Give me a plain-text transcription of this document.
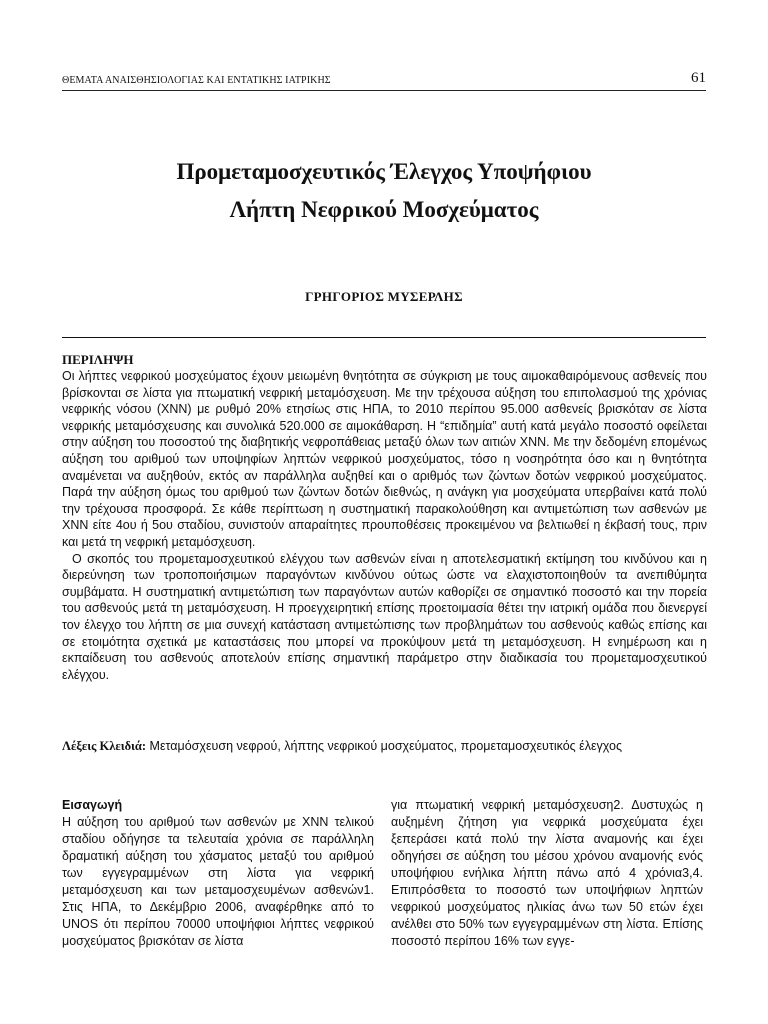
ΘΕΜΑΤΑ ΑΝΑΙΣΘΗΣΙΟΛΟΓΙΑΣ ΚΑΙ ΕΝΤΑΤΙΚΗΣ ΙΑΤΡΙΚΗΣ	61
Προμεταμοσχευτικός Έλεγχος Υποψήφιου
Λήπτη Νεφρικού Μοσχεύματος
ΓΡΗΓΟΡΙΟΣ ΜΥΣΕΡΛΗΣ
ΠΕΡΙΛΗΨΗ

Οι λήπτες νεφρικού μοσχεύματος έχουν μειωμένη θνητότητα σε σύγκριση με τους αιμοκαθαιρόμενους ασθενείς που βρίσκονται σε λίστα για πτωματική νεφρική μεταμόσχευση. Με την τρέχουσα αύξηση του επιπολασμού της χρόνιας νεφρικής νόσου (ΧΝΝ) με ρυθμό 20% ετησίως στις ΗΠΑ, το 2010 περίπου 95.000 ασθενείς βρισκόταν σε λίστα νεφρικής μεταμόσχευσης και συνολικά 520.000 σε αιμοκάθαρση. Η “επιδημία” αυτή κατά μεγάλο ποσοστό οφείλεται στην αύξηση του ποσοστού της διαβητικής νεφροπάθειας μεταξύ όλων των αιτιών ΧΝΝ. Με την δεδομένη επομένως αύξηση του αριθμού των υποψηφίων ληπτών νεφρικού μοσχεύματος, τόσο η νοσηρότητα όσο και η θνητότητα αναμένεται να αυξηθούν, εκτός αν παράλληλα αυξηθεί και ο αριθμός των ζώντων δοτών νεφρικού μοσχεύματος. Παρά την αύξηση όμως του αριθμού των ζώντων δοτών διεθνώς, η ανάγκη για μοσχεύματα υπερβαίνει κατά πολύ την τρέχουσα προσφορά. Σε κάθε περίπτωση η συστηματική παρακολούθηση και αντιμετώπιση των ασθενών με ΧΝΝ είτε 4ου ή 5ου σταδίου, συνιστούν απαραίτητες προυποθέσεις προκειμένου να βελτιωθεί η έκβασή τους, πριν και μετά τη νεφρική μεταμόσχευση.

Ο σκοπός του προμεταμοσχευτικού ελέγχου των ασθενών είναι η αποτελεσματική εκτίμηση του κινδύνου και η διερεύνηση των τροποποιήσιμων παραγόντων κινδύνου ούτως ώστε να ελαχιστοποιηθούν τα ανεπιθύμητα συμβάματα. Η συστηματική αντιμετώπιση των παραγόντων αυτών καθορίζει σε σημαντικό ποσοστό και την πορεία του ασθενούς μετά τη μεταμόσχευση. Η προεγχειρητική επίσης προετοιμασία θέτει την ιατρική ομάδα που διενεργεί τον έλεγχο του λήπτη σε μια συνεχή κατάσταση αντιμετώπισης των προβλημάτων του ασθενούς καθώς επίσης και σε ετοιμότητα σχετικά με καταστάσεις που μπορεί να προκύψουν μετά τη μεταμόσχευση. Η ενημέρωση και η εκπαίδευση του ασθενούς αποτελούν επίσης σημαντική παράμετρο στην διαδικασία του προμεταμοσχευτικού ελέγχου.

Λέξεις Κλειδιά: Μεταμόσχευση νεφρού, λήπτης νεφρικού μοσχεύματος, προμεταμοσχευτικός έλεγχος
Εισαγωγή

Η αύξηση του αριθμού των ασθενών με ΧΝΝ τελικού σταδίου οδήγησε τα τελευταία χρόνια σε παράλληλη δραματική αύξηση του χάσματος μεταξύ του αριθμού των εγγεγραμμένων στη λίστα για νεφρική μεταμόσχευση και των μεταμοσχευμένων ασθενών1. Στις ΗΠΑ, το Δεκέμβριο 2006, αναφέρθηκε από το UNOS ότι περίπου 70000 υποψήφιοι λήπτες νεφρικού μοσχεύματος βρισκόταν σε λίστα

για πτωματική νεφρική μεταμόσχευση2. Δυστυχώς η αυξημένη ζήτηση για νεφρικά μοσχεύματα έχει ξεπεράσει κατά πολύ την λίστα αναμονής και έχει οδηγήσει σε αύξηση του μέσου χρόνου αναμονής ενός υποψήφιου ενήλικα λήπτη πάνω από 4 χρόνια3,4. Επιπρόσθετα το ποσοστό των υποψήφιων ληπτών νεφρικού μοσχεύματος ηλικίας άνω των 50 ετών έχει ανέλθει στο 50% των εγγεγραμμένων στη λίστα. Επίσης ποσοστό περίπου 16% των εγγε-
